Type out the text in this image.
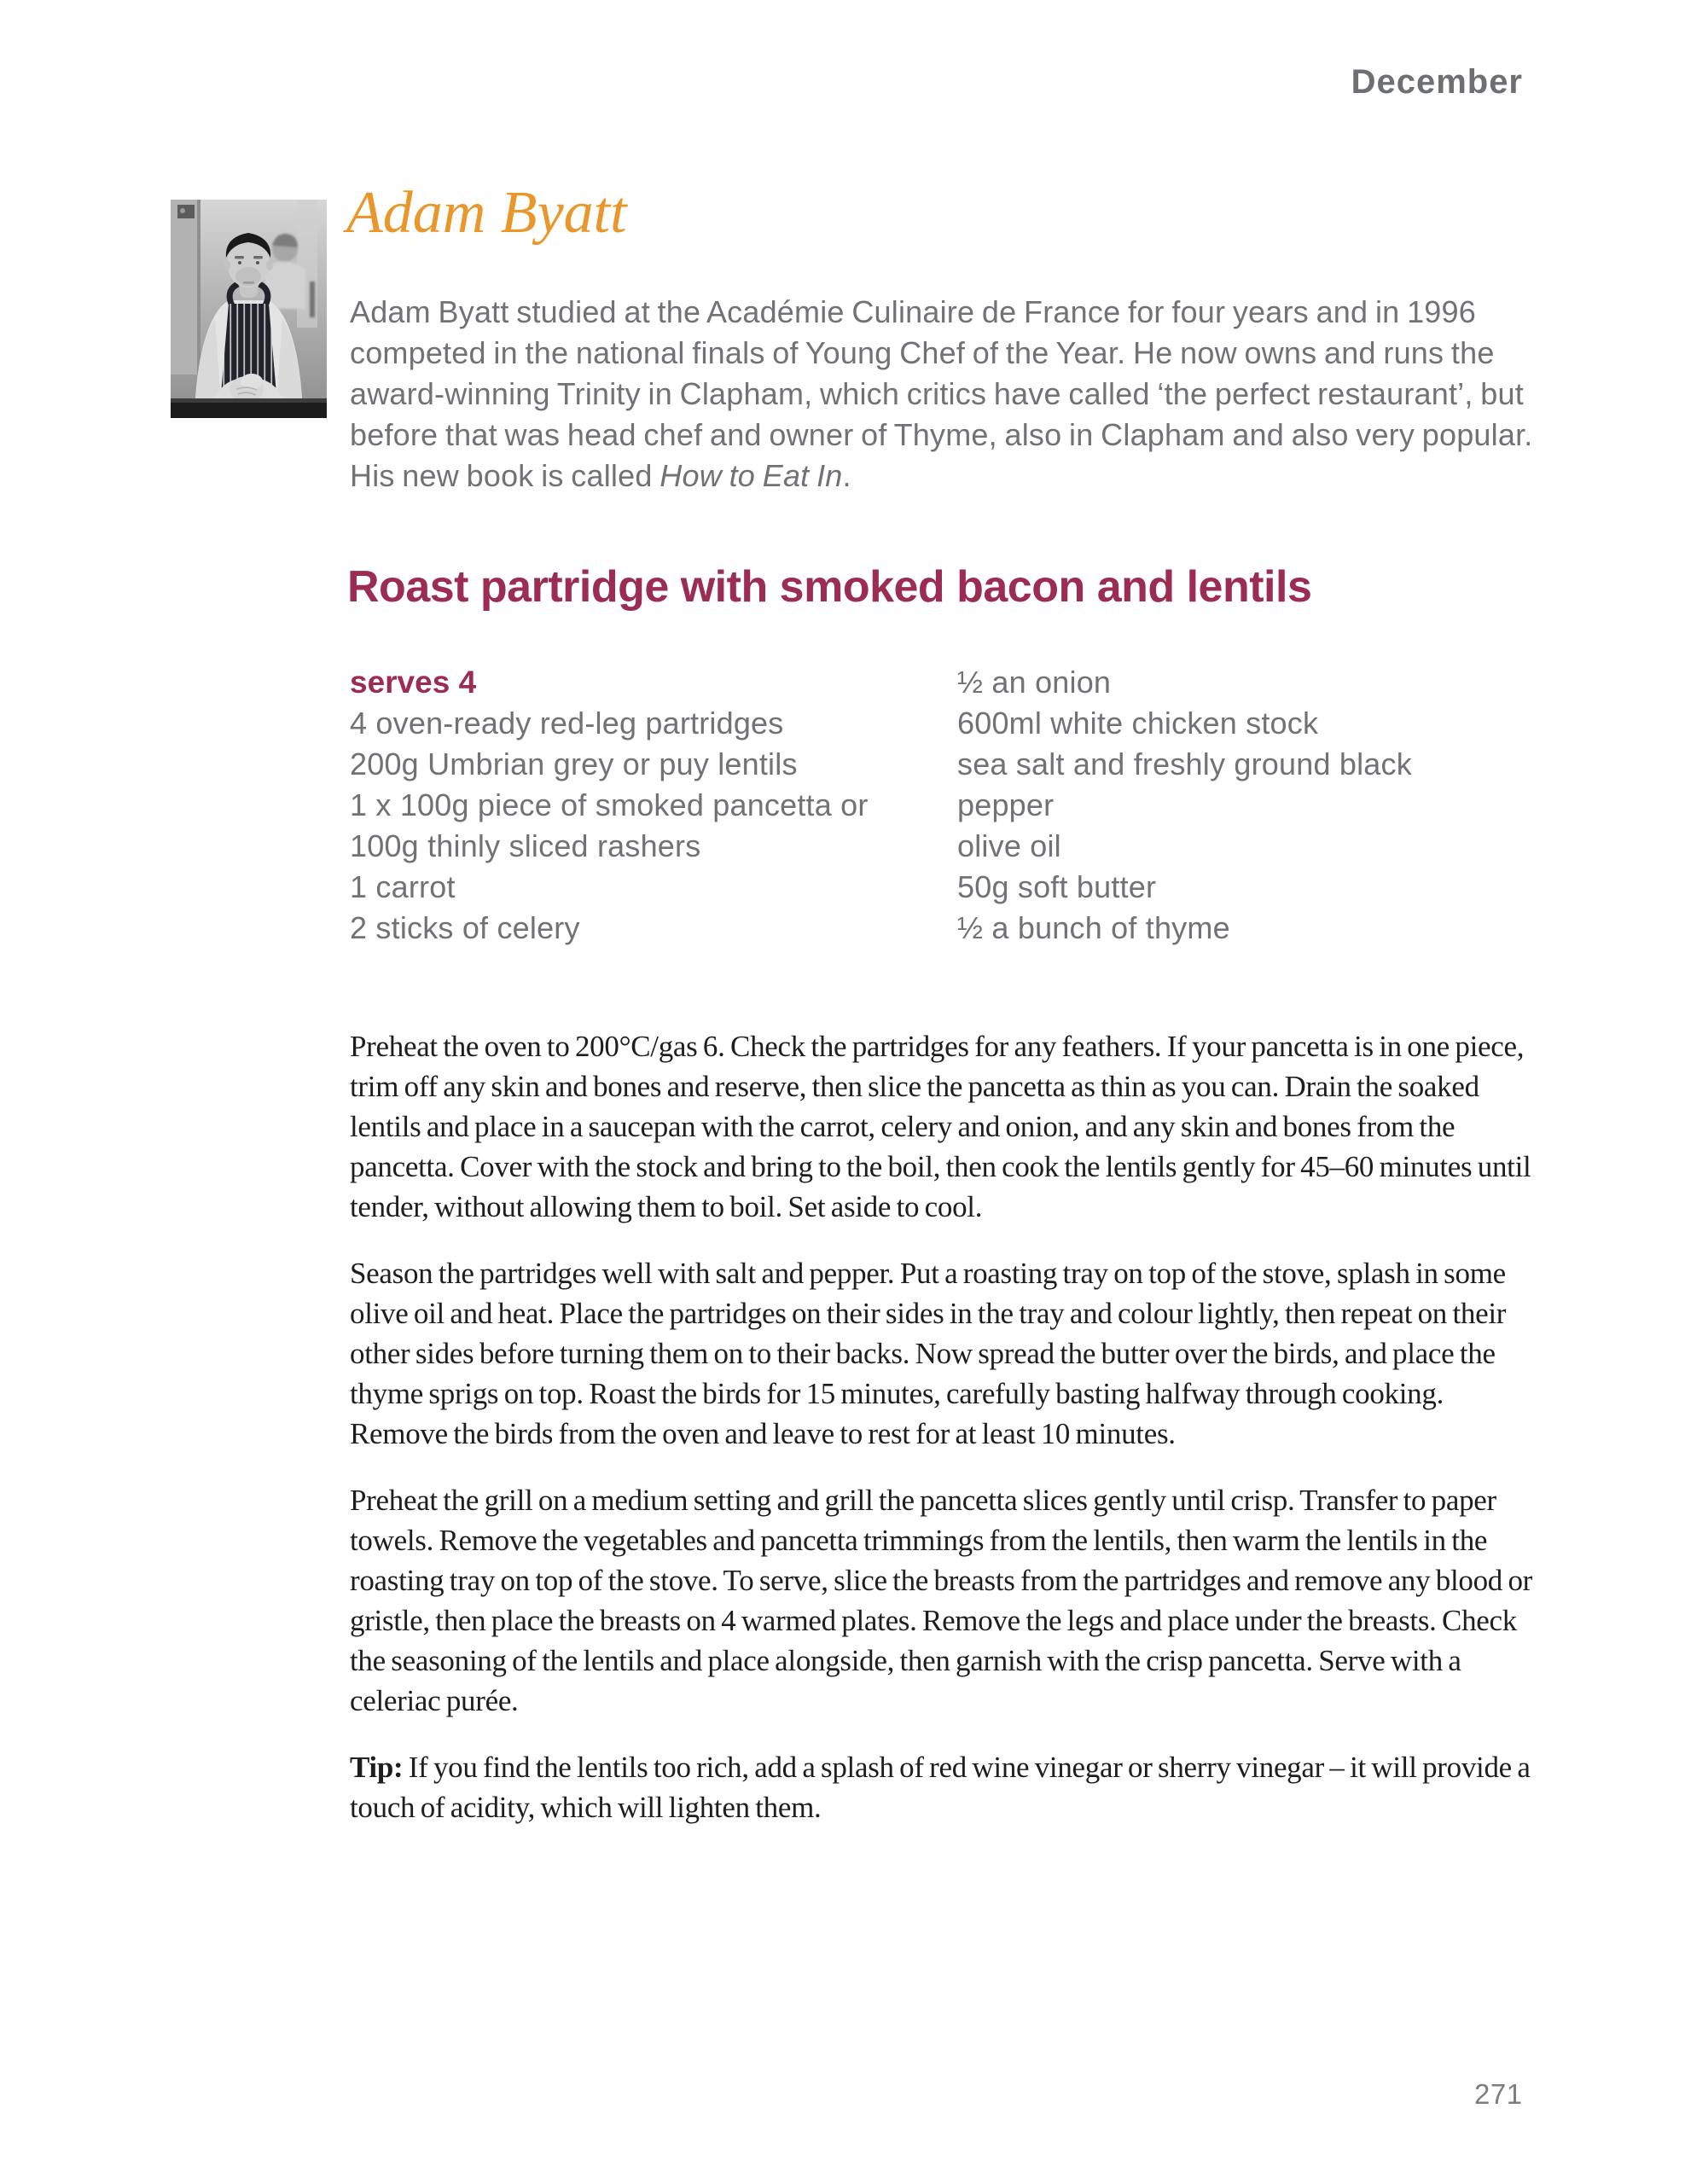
December
Adam Byatt

Adam Byatt studied at the Académie Culinaire de France for four years and in 1996 competed in the national finals of Young Chef of the Year. He now owns and runs the award-winning Trinity in Clapham, which critics have called ‘the perfect restaurant’, but before that was head chef and owner of Thyme, also in Clapham and also very popular. His new book is called How to Eat In.

Roast partridge with smoked bacon and lentils
serves 4
4 oven-ready red-leg partridges
200g Umbrian grey or puy lentils
1 x 100g piece of smoked pancetta or
100g thinly sliced rashers
1 carrot
2 sticks of celery
½ an onion
600ml white chicken stock
sea salt and freshly ground black
pepper
olive oil
50g soft butter
½ a bunch of thyme

Preheat the oven to 200°C/gas 6. Check the partridges for any feathers. If your pancetta is in one piece, trim off any skin and bones and reserve, then slice the pancetta as thin as you can. Drain the soaked lentils and place in a saucepan with the carrot, celery and onion, and any skin and bones from the pancetta. Cover with the stock and bring to the boil, then cook the lentils gently for 45–60 minutes until tender, without allowing them to boil. Set aside to cool.

Season the partridges well with salt and pepper. Put a roasting tray on top of the stove, splash in some olive oil and heat. Place the partridges on their sides in the tray and colour lightly, then repeat on their other sides before turning them on to their backs. Now spread the butter over the birds, and place the thyme sprigs on top. Roast the birds for 15 minutes, carefully basting halfway through cooking. Remove the birds from the oven and leave to rest for at least 10 minutes.

Preheat the grill on a medium setting and grill the pancetta slices gently until crisp. Transfer to paper towels. Remove the vegetables and pancetta trimmings from the lentils, then warm the lentils in the roasting tray on top of the stove. To serve, slice the breasts from the partridges and remove any blood or gristle, then place the breasts on 4 warmed plates. Remove the legs and place under the breasts. Check the seasoning of the lentils and place alongside, then garnish with the crisp pancetta. Serve with a celeriac purée.

Tip: If you find the lentils too rich, add a splash of red wine vinegar or sherry vinegar – it will provide a touch of acidity, which will lighten them.

271
